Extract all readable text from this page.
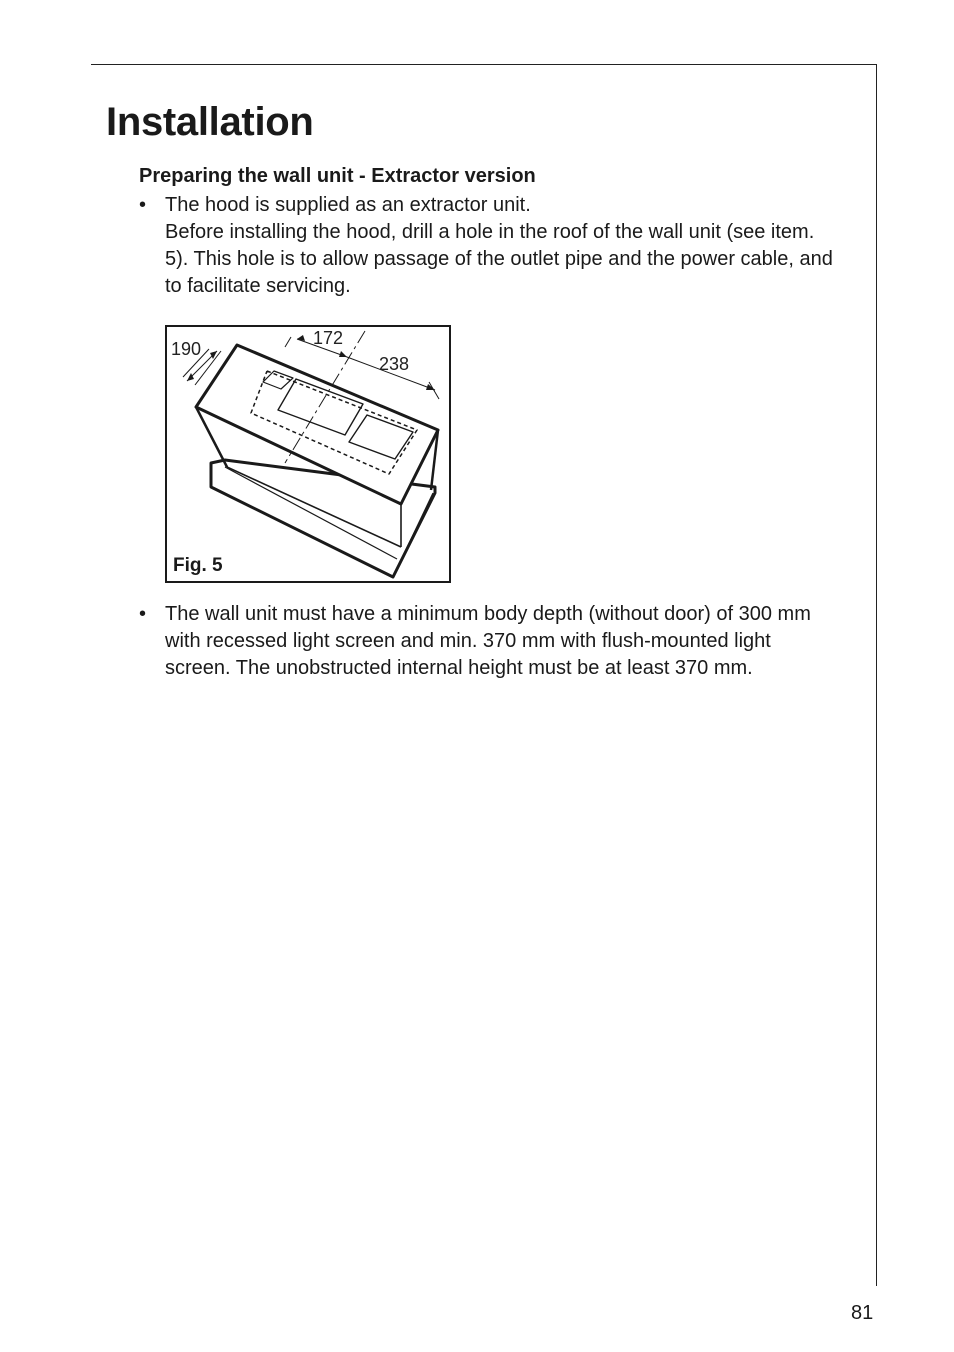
Installation
Preparing the wall unit - Extractor version
• The hood is supplied as an extractor unit.

Before installing the hood, drill a hole in the roof of the wall unit (see item. 5). This hole is to allow passage of the outlet pipe and the power cable, and to facilitate servicing.

190
172
238
Fig. 5
• The wall unit must have a minimum body depth (without door) of 300 mm with recessed light screen and min. 370 mm with flush-mounted light screen. The unobstructed internal height must be at least 370 mm.

81
